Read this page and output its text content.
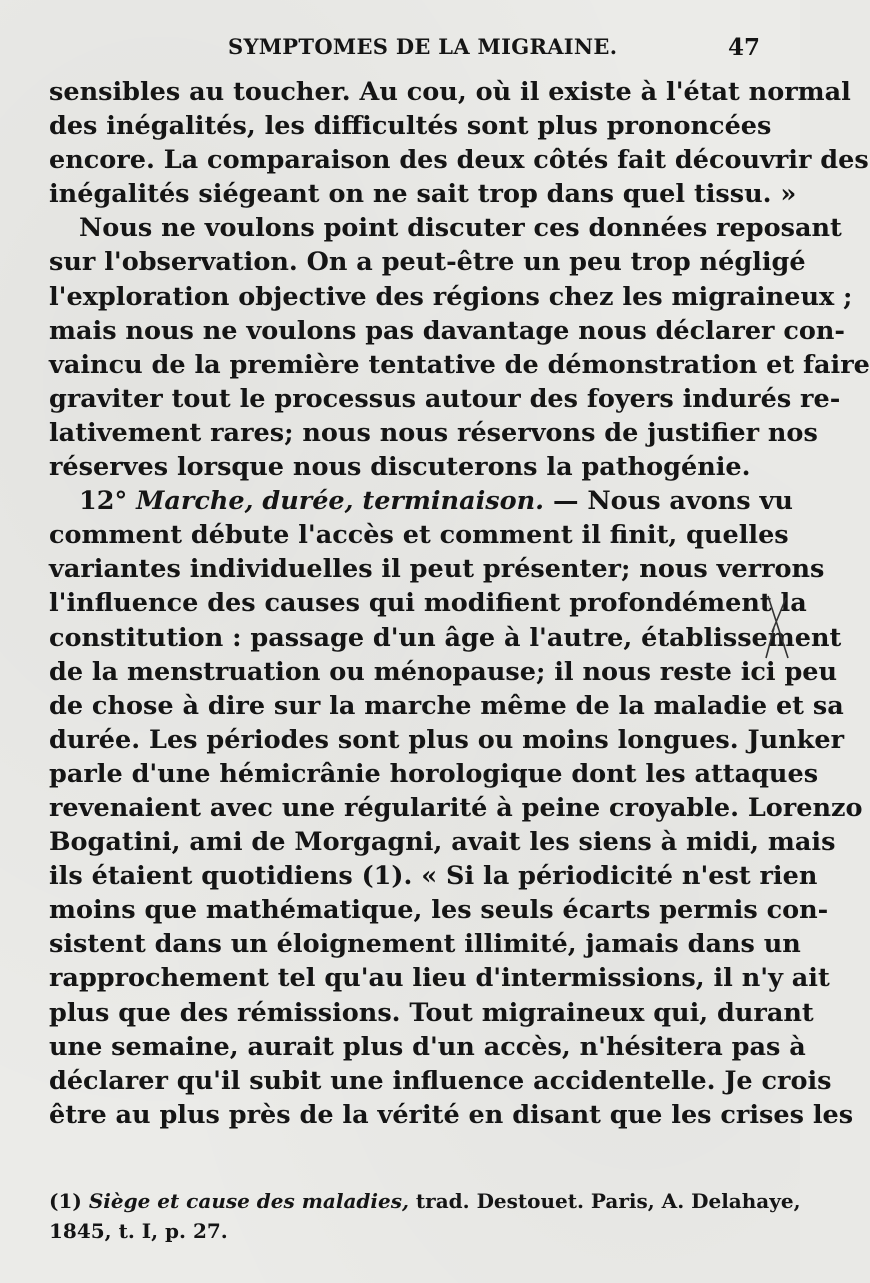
SYMPTOMES DE LA MIGRAINE.	47
sensibles au toucher. Au cou, où il existe à l'état normal
des inégalités, les difficultés sont plus prononcées
encore. La comparaison des deux côtés fait découvrir des
inégalités siégeant on ne sait trop dans quel tissu. »
Nous ne voulons point discuter ces données reposant
sur l'observation. On a peut-être un peu trop négligé
l'exploration objective des régions chez les migraineux ;
mais nous ne voulons pas davantage nous déclarer con-
vaincu de la première tentative de démonstration et faire
graviter tout le processus autour des foyers indurés re-
lativement rares; nous nous réservons de justifier nos
réserves lorsque nous discuterons la pathogénie.
12° Marche, durée, terminaison. — Nous avons vu
comment débute l'accès et comment il finit, quelles
variantes individuelles il peut présenter; nous verrons
l'influence des causes qui modifient profondément la
constitution : passage d'un âge à l'autre, établissement
de la menstruation ou ménopause; il nous reste ici peu
de chose à dire sur la marche même de la maladie et sa
durée. Les périodes sont plus ou moins longues. Junker
parle d'une hémicrânie horologique dont les attaques
revenaient avec une régularité à peine croyable. Lorenzo
Bogatini, ami de Morgagni, avait les siens à midi, mais
ils étaient quotidiens (1). « Si la périodicité n'est rien
moins que mathématique, les seuls écarts permis con-
sistent dans un éloignement illimité, jamais dans un
rapprochement tel qu'au lieu d'intermissions, il n'y ait
plus que des rémissions. Tout migraineux qui, durant
une semaine, aurait plus d'un accès, n'hésitera pas à
déclarer qu'il subit une influence accidentelle. Je crois
être au plus près de la vérité en disant que les crises les
(1) Siège et cause des maladies, trad. Destouet. Paris, A. Delahaye,
1845, t. I, p. 27.
